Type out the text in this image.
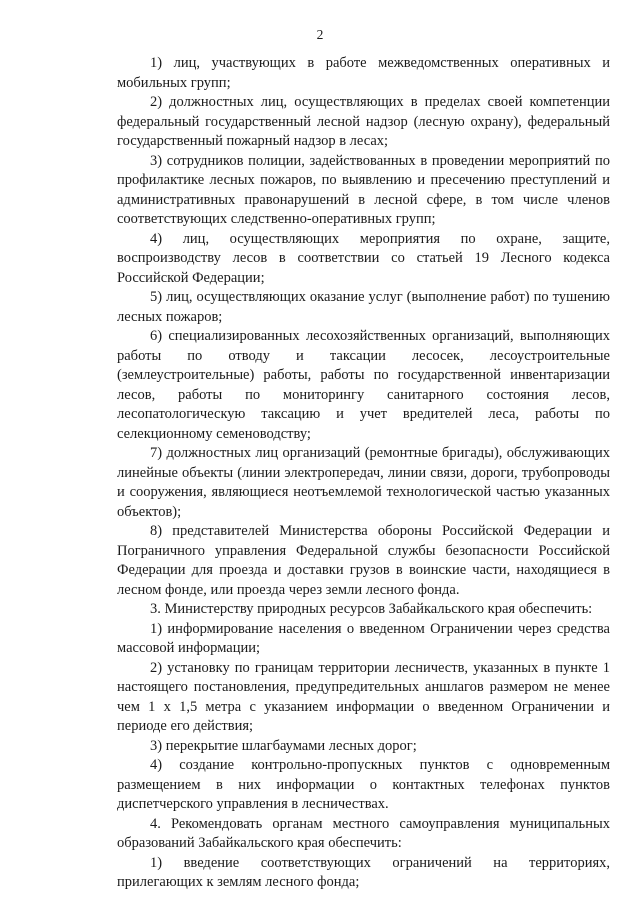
2

1) лиц, участвующих в работе межведомственных оперативных и мобильных групп;

2) должностных лиц, осуществляющих в пределах своей компетенции федеральный государственный лесной надзор (лесную охрану), федеральный государственный пожарный надзор в лесах;

3) сотрудников полиции, задействованных в проведении мероприятий по профилактике лесных пожаров, по выявлению и пресечению преступлений и административных правонарушений в лесной сфере, в том числе членов соответствующих следственно-оперативных групп;

4) лиц, осуществляющих мероприятия по охране, защите, воспроизводству лесов в соответствии со статьей 19 Лесного кодекса Российской Федерации;

5) лиц, осуществляющих оказание услуг (выполнение работ) по тушению лесных пожаров;

6) специализированных лесохозяйственных организаций, выполняющих работы по отводу и таксации лесосек, лесоустроительные (землеустроительные) работы, работы по государственной инвентаризации лесов, работы по мониторингу санитарного состояния лесов, лесопатологическую таксацию и учет вредителей леса, работы по селекционному семеноводству;

7) должностных лиц организаций (ремонтные бригады), обслуживающих линейные объекты (линии электропередач, линии связи, дороги, трубопроводы и сооружения, являющиеся неотъемлемой технологической частью указанных объектов);

8) представителей Министерства обороны Российской Федерации и Пограничного управления Федеральной службы безопасности Российской Федерации для проезда и доставки грузов в воинские части, находящиеся в лесном фонде, или проезда через земли лесного фонда.

3. Министерству природных ресурсов Забайкальского края обеспечить:

1) информирование населения о введенном Ограничении через средства массовой информации;

2) установку по границам территории лесничеств, указанных в пункте 1 настоящего постановления, предупредительных аншлагов размером не менее чем 1 x 1,5 метра с указанием информации о введенном Ограничении и периоде его действия;

3) перекрытие шлагбаумами лесных дорог;

4) создание контрольно-пропускных пунктов с одновременным размещением в них информации о контактных телефонах пунктов диспетчерского управления в лесничествах.

4. Рекомендовать органам местного самоуправления муниципальных образований Забайкальского края обеспечить:

1) введение соответствующих ограничений на территориях, прилегающих к землям лесного фонда;
